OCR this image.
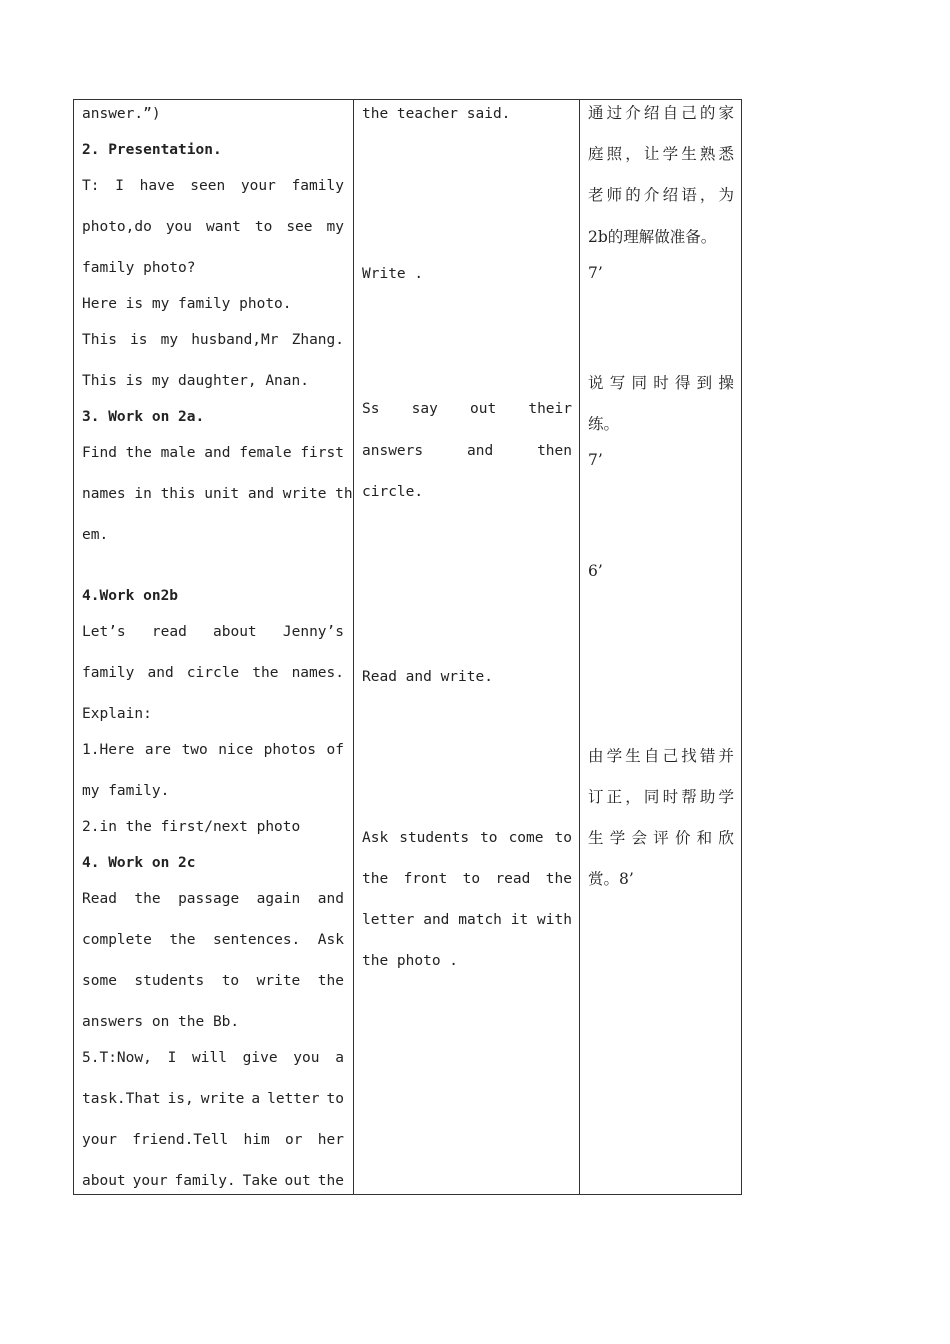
answer.”)
2. Presentation.
T: I have seen your family
photo,do you want to see my
family photo?
Here is my family photo.
This is my husband,Mr Zhang.
This is my daughter, Anan.
3. Work on 2a.
Find the male and female first
names in this unit and write th
em.
4.Work on2b
Let’s read about Jenny’s
family and circle the names.
Explain:
1.Here are two nice photos of
my family.
2.in the first/next photo
4. Work on 2c
Read the passage again and
complete the sentences. Ask
some students to write the
answers on the Bb.
5.T:Now, I will give you a
task.That is, write a letter to
your friend.Tell him or her
about your family. Take out the
the teacher said.
Write .
Ss say out their
answers	and	then
circle.
Read and write.
Ask students to come to
the front to read the
letter and match it with
the photo .
通 过 介 绍 自 己 的 家
庭 照 ， 让 学 生 熟 悉
老 师 的 介 绍 语 ， 为
2b的理解做准备。
7’
说 写 同 时 得 到 操
练。
7’
6’
由 学 生 自 己 找 错 并
订 正 ， 同 时 帮 助 学
生 学 会 评 价 和 欣
赏。8’
